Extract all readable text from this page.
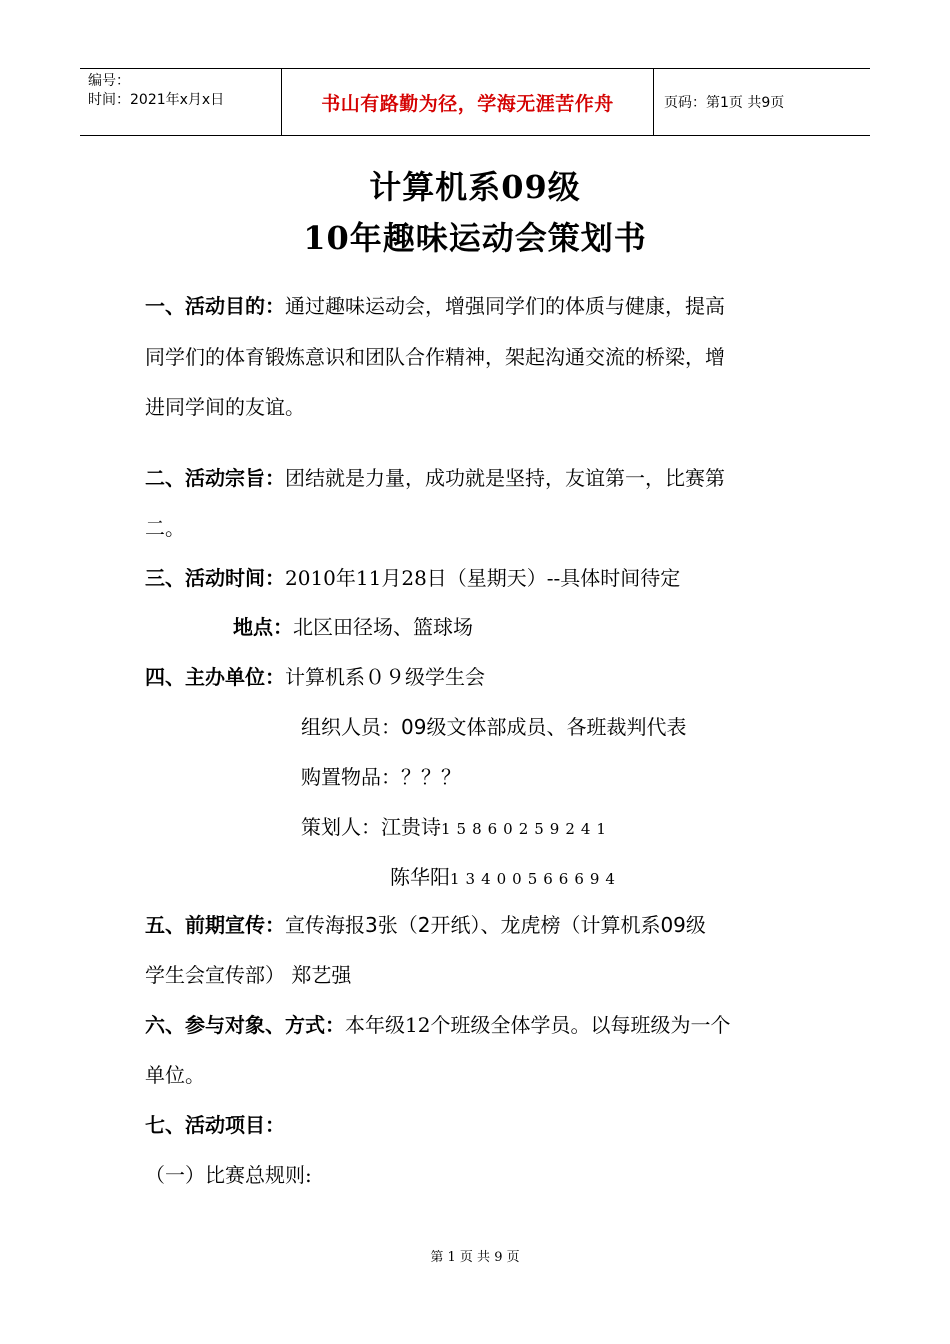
编号：
时间：2021年x月x日	书山有路勤为径，学海无涯苦作舟	页码：第1页 共9页
计算机系09级
10年趣味运动会策划书
一、活动目的：通过趣味运动会，增强同学们的体质与健康，提高
同学们的体育锻炼意识和团队合作精神，架起沟通交流的桥梁，增
进同学间的友谊。
二、活动宗旨：团结就是力量，成功就是坚持，友谊第一，比赛第
二。
三、活动时间：2010年11月28日（星期天）--具体时间待定
地点：北区田径场、篮球场
四、主办单位：计算机系０９级学生会
组织人员：09级文体部成员、各班裁判代表
购置物品：？？？
策划人：江贵诗15860259241
陈华阳13400566694
五、前期宣传：宣传海报3张（2开纸）、龙虎榜（计算机系09级
学生会宣传部） 郑艺强
六、参与对象、方式：本年级12个班级全体学员。以每班级为一个
单位。
七、活动项目：
（一）比赛总规则:
第 1 页 共 9 页
